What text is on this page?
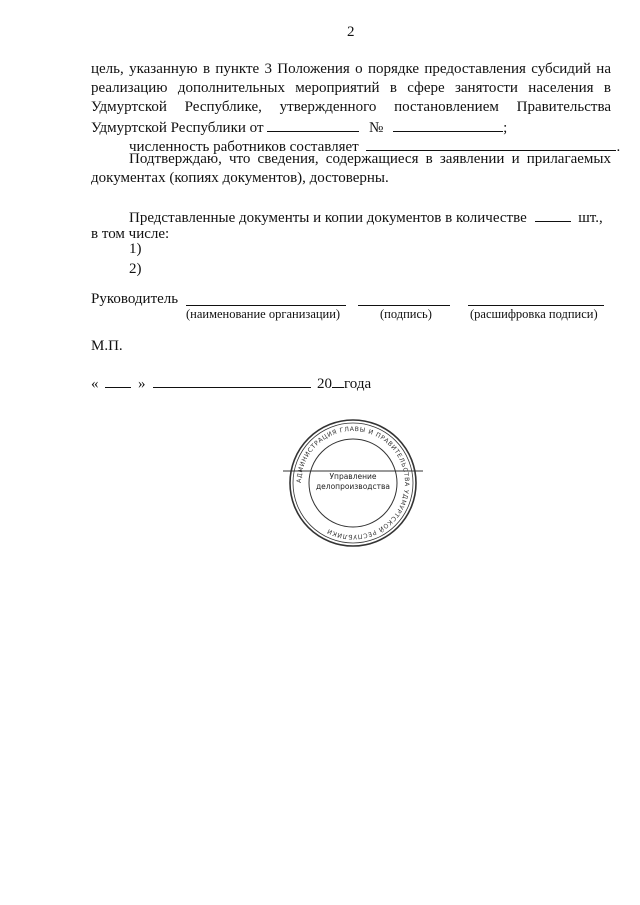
2
цель, указанную в пункте 3 Положения о порядке предоставления субсидий на
реализацию дополнительных мероприятий в сфере занятости населения в
Удмуртской Республике, утвержденного постановлением Правительства
Удмуртской Республики от	№	;
численность работников составляет	.
Подтверждаю, что сведения, содержащиеся в заявлении и прилагаемых
документах (копиях документов), достоверны.
Представленные документы и копии документов в количестве	шт.,
в том числе:
1)
2)
Руководитель
(наименование организации)	(подпись)	(расшифровка подписи)
М.П.
«	»	20 года
АДМИНИСТРАЦИЯ ГЛАВЫ И ПРАВИТЕЛЬСТВА УДМУРТСКОЙ РЕСПУБЛИКИ
Управление
делопроизводства
